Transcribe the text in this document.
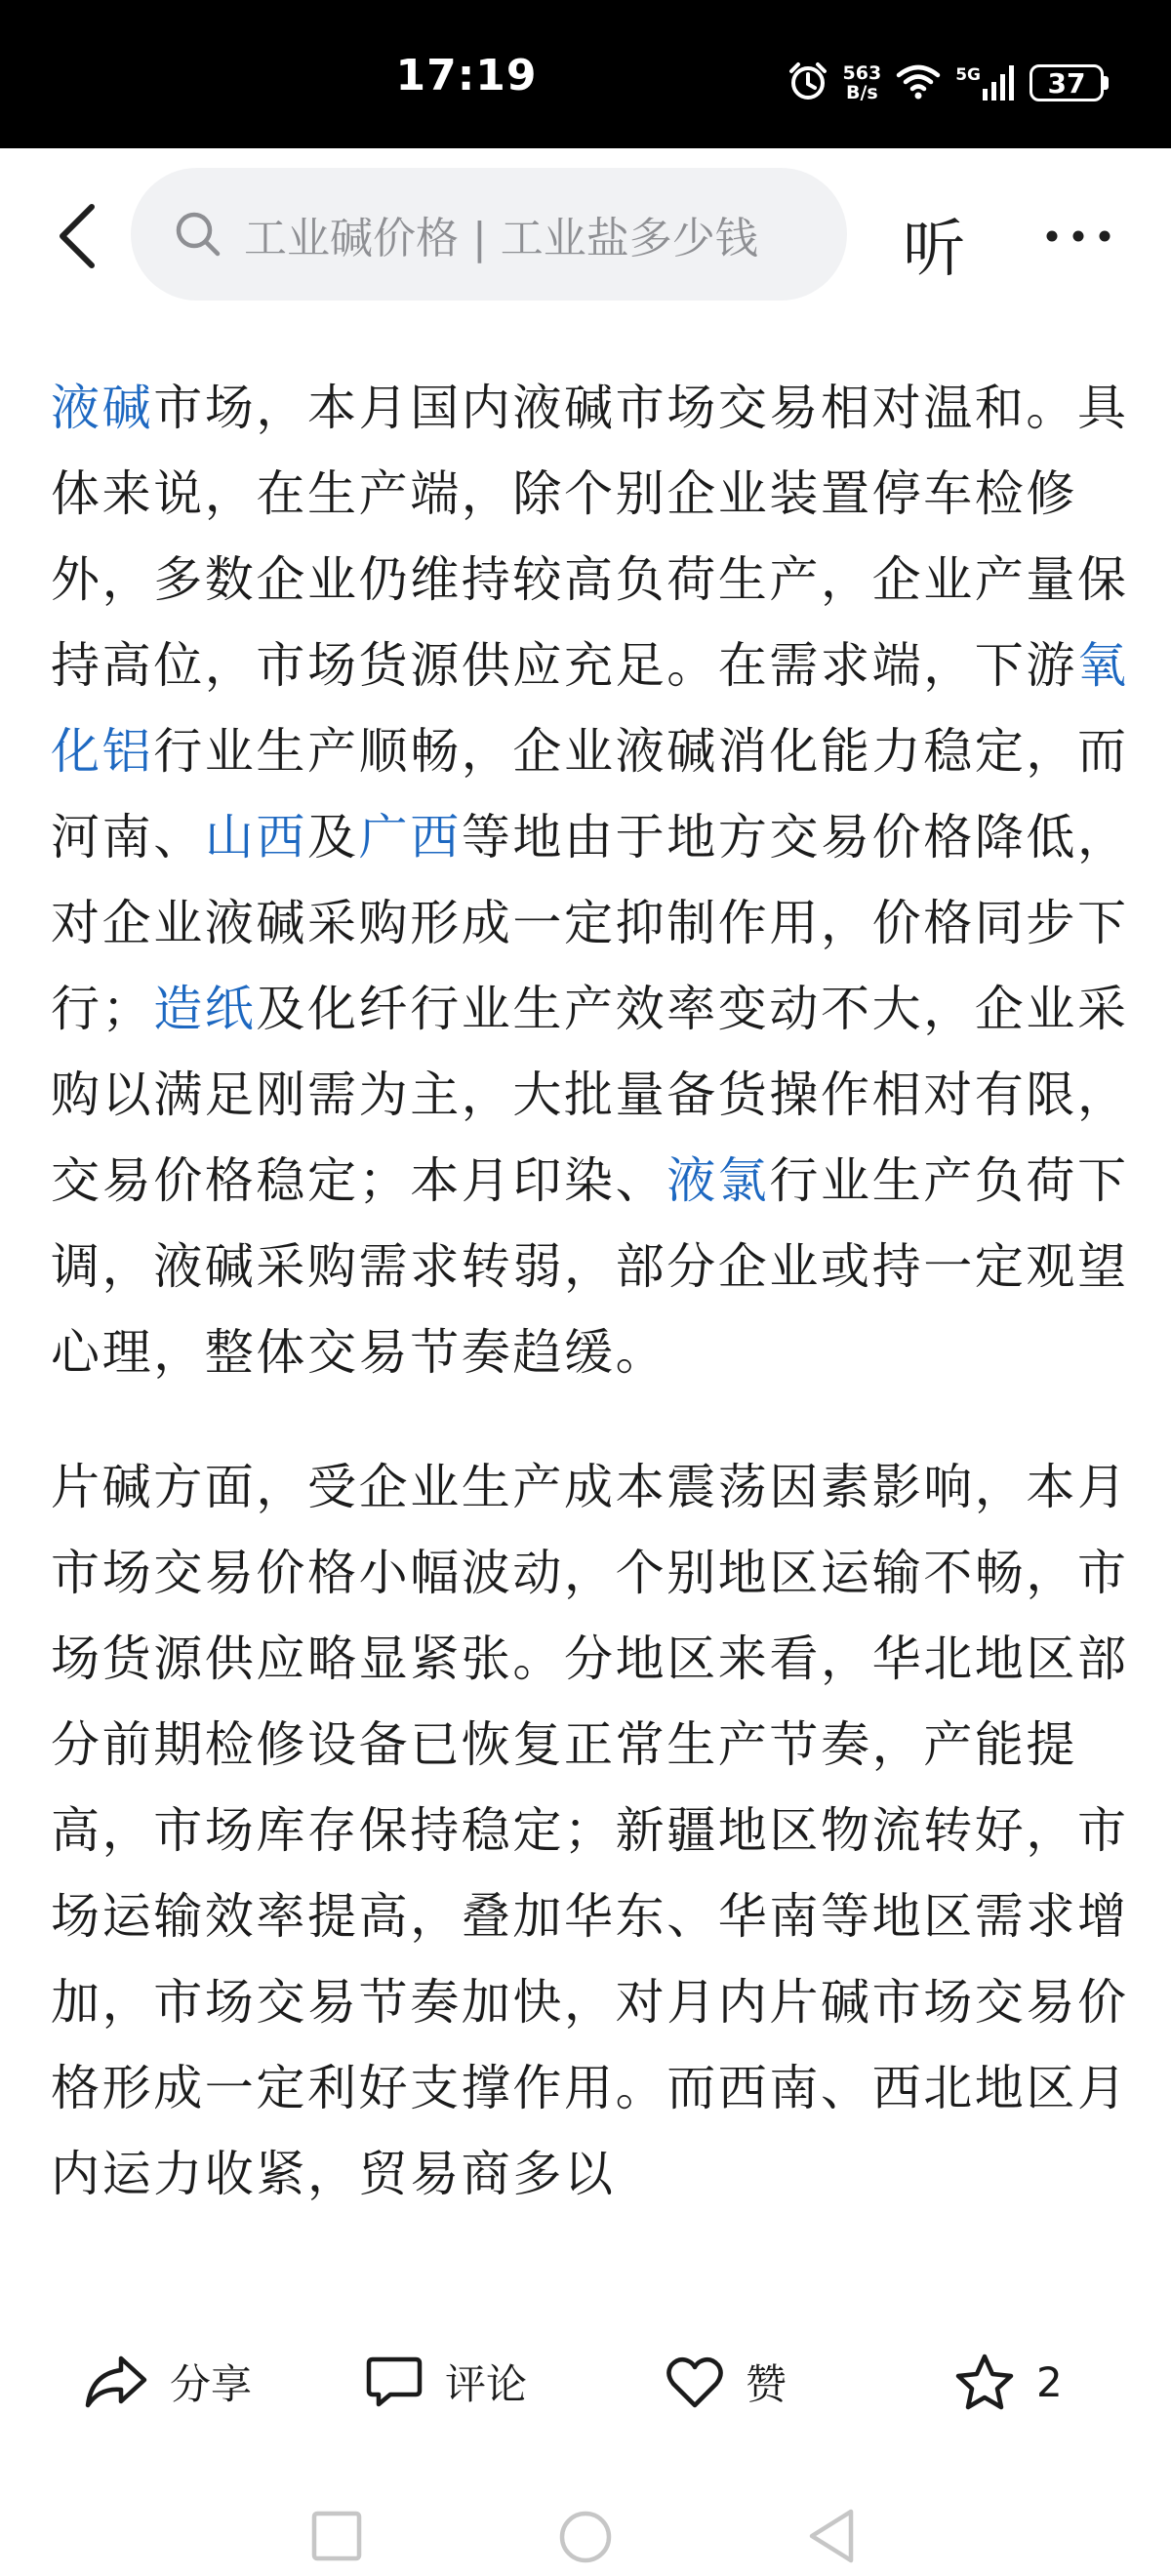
17:19	563
B/s
5G	37
工业碱价格 | 工业盐多少钱 听

液碱市场，本月国内液碱市场交易相对温和。具体来说，在生产端，除个别企业装置停车检修外，多数企业仍维持较高负荷生产，企业产量保持高位，市场货源供应充足。在需求端，下游氧化铝行业生产顺畅，企业液碱消化能力稳定，而河南、山西及广西等地由于地方交易价格降低，对企业液碱采购形成一定抑制作用，价格同步下行；造纸及化纤行业生产效率变动不大，企业采购以满足刚需为主，大批量备货操作相对有限，交易价格稳定；本月印染、液氯行业生产负荷下调，液碱采购需求转弱，部分企业或持一定观望心理，整体交易节奏趋缓。

片碱方面，受企业生产成本震荡因素影响，本月市场交易价格小幅波动，个别地区运输不畅，市场货源供应略显紧张。分地区来看，华北地区部分前期检修设备已恢复正常生产节奏，产能提高，市场库存保持稳定；新疆地区物流转好，市场运输效率提高，叠加华东、华南等地区需求增加，市场交易节奏加快，对月内片碱市场交易价格形成一定利好支撑作用。而西南、西北地区月内运力收紧，贸易商多以

分享	评论	赞	2
